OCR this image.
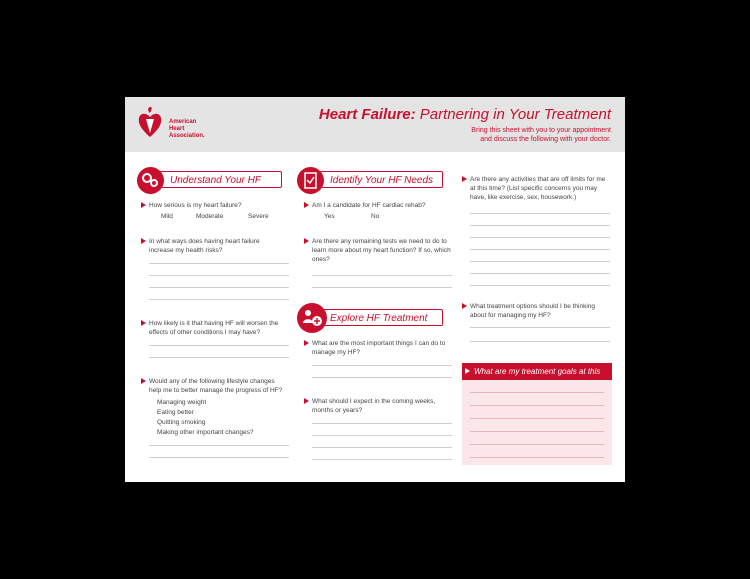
American
Heart
Association.
Heart Failure: Partnering in Your Treatment
Bring this sheet with you to your appointment
and discuss the following with your doctor.
Understand Your HF
How serious is my heart failure?
Mild	Moderate	Severe
In what ways does having heart failure increase my health risks?
How likely is it that having HF will worsen the effects of other conditions I may have?
Would any of the following lifestyle changes help me to better manage the progress of HF?
Managing weight
Eating better
Quitting smoking
Making other important changes?
Identify Your HF Needs
Am I a candidate for HF cardiac rehab?
Yes	No
Are there any remaining tests we need to do to learn more about my heart function? If so, which ones?
Explore HF Treatment
What are the most important things I can do to manage my HF?
What should I expect in the coming weeks, months or years?
Are there any activities that are off limits for me at this time? (List specific concerns you may have, like exercise, sex, housework.)
What treatment options should I be thinking about for managing my HF?
What are my treatment goals at this
